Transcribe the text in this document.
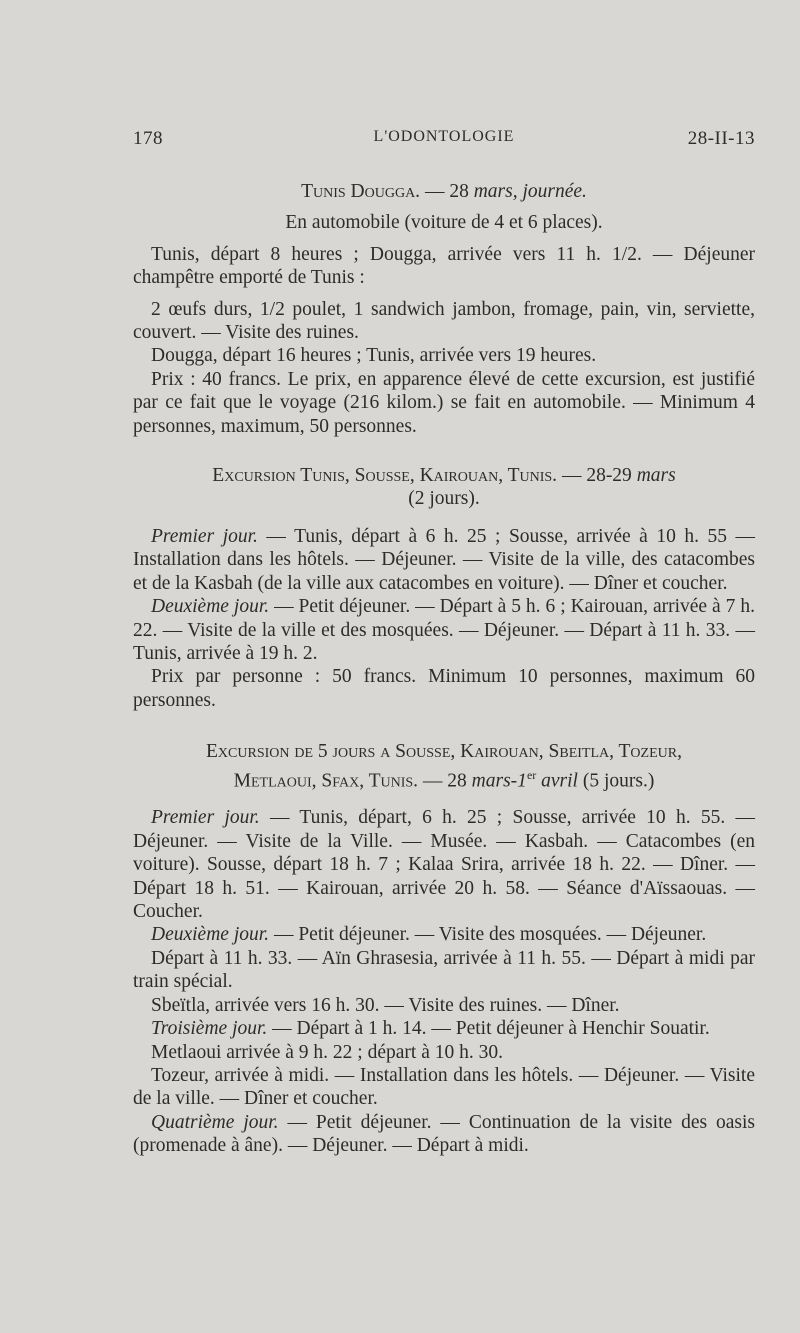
178	L'ODONTOLOGIE	28-II-13

Tunis Dougga. — 28 mars, journée.

En automobile (voiture de 4 et 6 places).

Tunis, départ 8 heures ; Dougga, arrivée vers 11 h. 1/2. — Déjeuner champêtre emporté de Tunis :

2 œufs durs, 1/2 poulet, 1 sandwich jambon, fromage, pain, vin, serviette, couvert. — Visite des ruines.

Dougga, départ 16 heures ; Tunis, arrivée vers 19 heures.

Prix : 40 francs. Le prix, en apparence élevé de cette excursion, est justifié par ce fait que le voyage (216 kilom.) se fait en automobile. — Minimum 4 personnes, maximum, 50 personnes.

Excursion Tunis, Sousse, Kairouan, Tunis. — 28-29 mars

(2 jours).

Premier jour. — Tunis, départ à 6 h. 25 ; Sousse, arrivée à 10 h. 55 — Installation dans les hôtels. — Déjeuner. — Visite de la ville, des catacombes et de la Kasbah (de la ville aux catacombes en voiture). — Dîner et coucher.

Deuxième jour. — Petit déjeuner. — Départ à 5 h. 6 ; Kairouan, arrivée à 7 h. 22. — Visite de la ville et des mosquées. — Déjeuner. — Départ à 11 h. 33. — Tunis, arrivée à 19 h. 2.

Prix par personne : 50 francs. Minimum 10 personnes, maximum 60 personnes.

Excursion de 5 jours a Sousse, Kairouan, Sbeitla, Tozeur,

Metlaoui, Sfax, Tunis. — 28 mars-1er avril (5 jours.)

Premier jour. — Tunis, départ, 6 h. 25 ; Sousse, arrivée 10 h. 55. — Déjeuner. — Visite de la Ville. — Musée. — Kasbah. — Catacombes (en voiture). Sousse, départ 18 h. 7 ; Kalaa Srira, arrivée 18 h. 22. — Dîner. — Départ 18 h. 51. — Kairouan, arrivée 20 h. 58. — Séance d'Aïssaouas. — Coucher.

Deuxième jour. — Petit déjeuner. — Visite des mosquées. — Déjeuner.

Départ à 11 h. 33. — Aïn Ghrasesia, arrivée à 11 h. 55. — Départ à midi par train spécial.

Sbeïtla, arrivée vers 16 h. 30. — Visite des ruines. — Dîner.

Troisième jour. — Départ à 1 h. 14. — Petit déjeuner à Henchir Souatir.

Metlaoui arrivée à 9 h. 22 ; départ à 10 h. 30.

Tozeur, arrivée à midi. — Installation dans les hôtels. — Déjeuner. — Visite de la ville. — Dîner et coucher.

Quatrième jour. — Petit déjeuner. — Continuation de la visite des oasis (promenade à âne). — Déjeuner. — Départ à midi.
